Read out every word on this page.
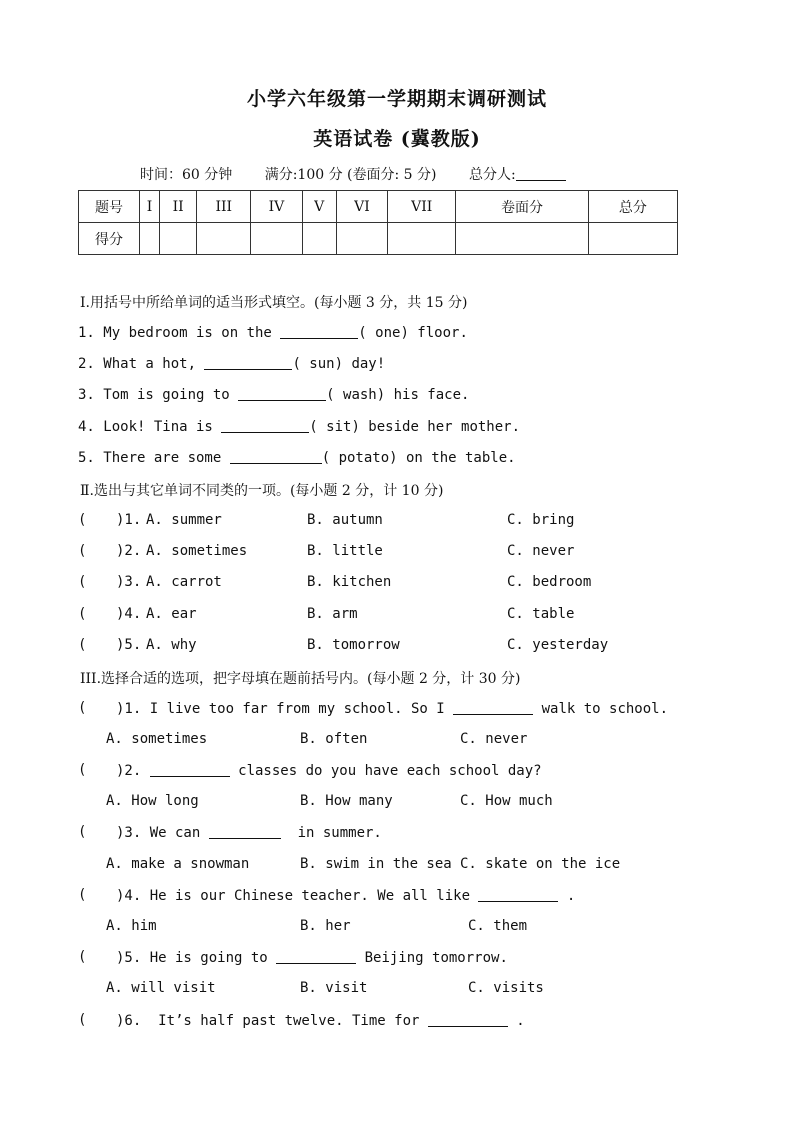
小学六年级第一学期期末调研测试
英语试卷 (冀教版)
时间：60 分钟 满分:100 分 (卷面分: 5 分) 总分人:
题号	I	II	III	IV	V	VI	VII	卷面分	总分
得分									
Ⅰ.用括号中所给单词的适当形式填空。(每小题 3 分，共 15 分)
1. My bedroom is on the	( one) floor.
2. What a hot,	( sun) day!
3. Tom is going to	( wash) his face.
4. Look! Tina is	( sit) beside her mother.
5. There are some	( potato) on the table.
Ⅱ.选出与其它单词不同类的一项。(每小题 2 分，计 10 分)
( )1. A. summer	B. autumn	C. bring
( )2. A. sometimes	B. little	C. never
( )3. A. carrot	B. kitchen	C. bedroom
( )4. A. ear	B. arm	C. table
( )5. A. why	B. tomorrow	C. yesterday
III.选择合适的选项，把字母填在题前括号内。(每小题 2 分，计 30 分)
( )1. I live too far from my school. So I	walk to school.
A. sometimes	B. often	C. never
( )2.	classes do you have each school day?
A. How long	B. How many	C. How much
( )3. We can	in summer.
A. make a snowman	B. swim in the sea C. skate on the ice
( )4. He is our Chinese teacher. We all like	.
A. him	B. her	C. them
( )5. He is going to	Beijing tomorrow.
A. will visit	B. visit	C. visits
( )6.  It’s half past twelve. Time for	.
